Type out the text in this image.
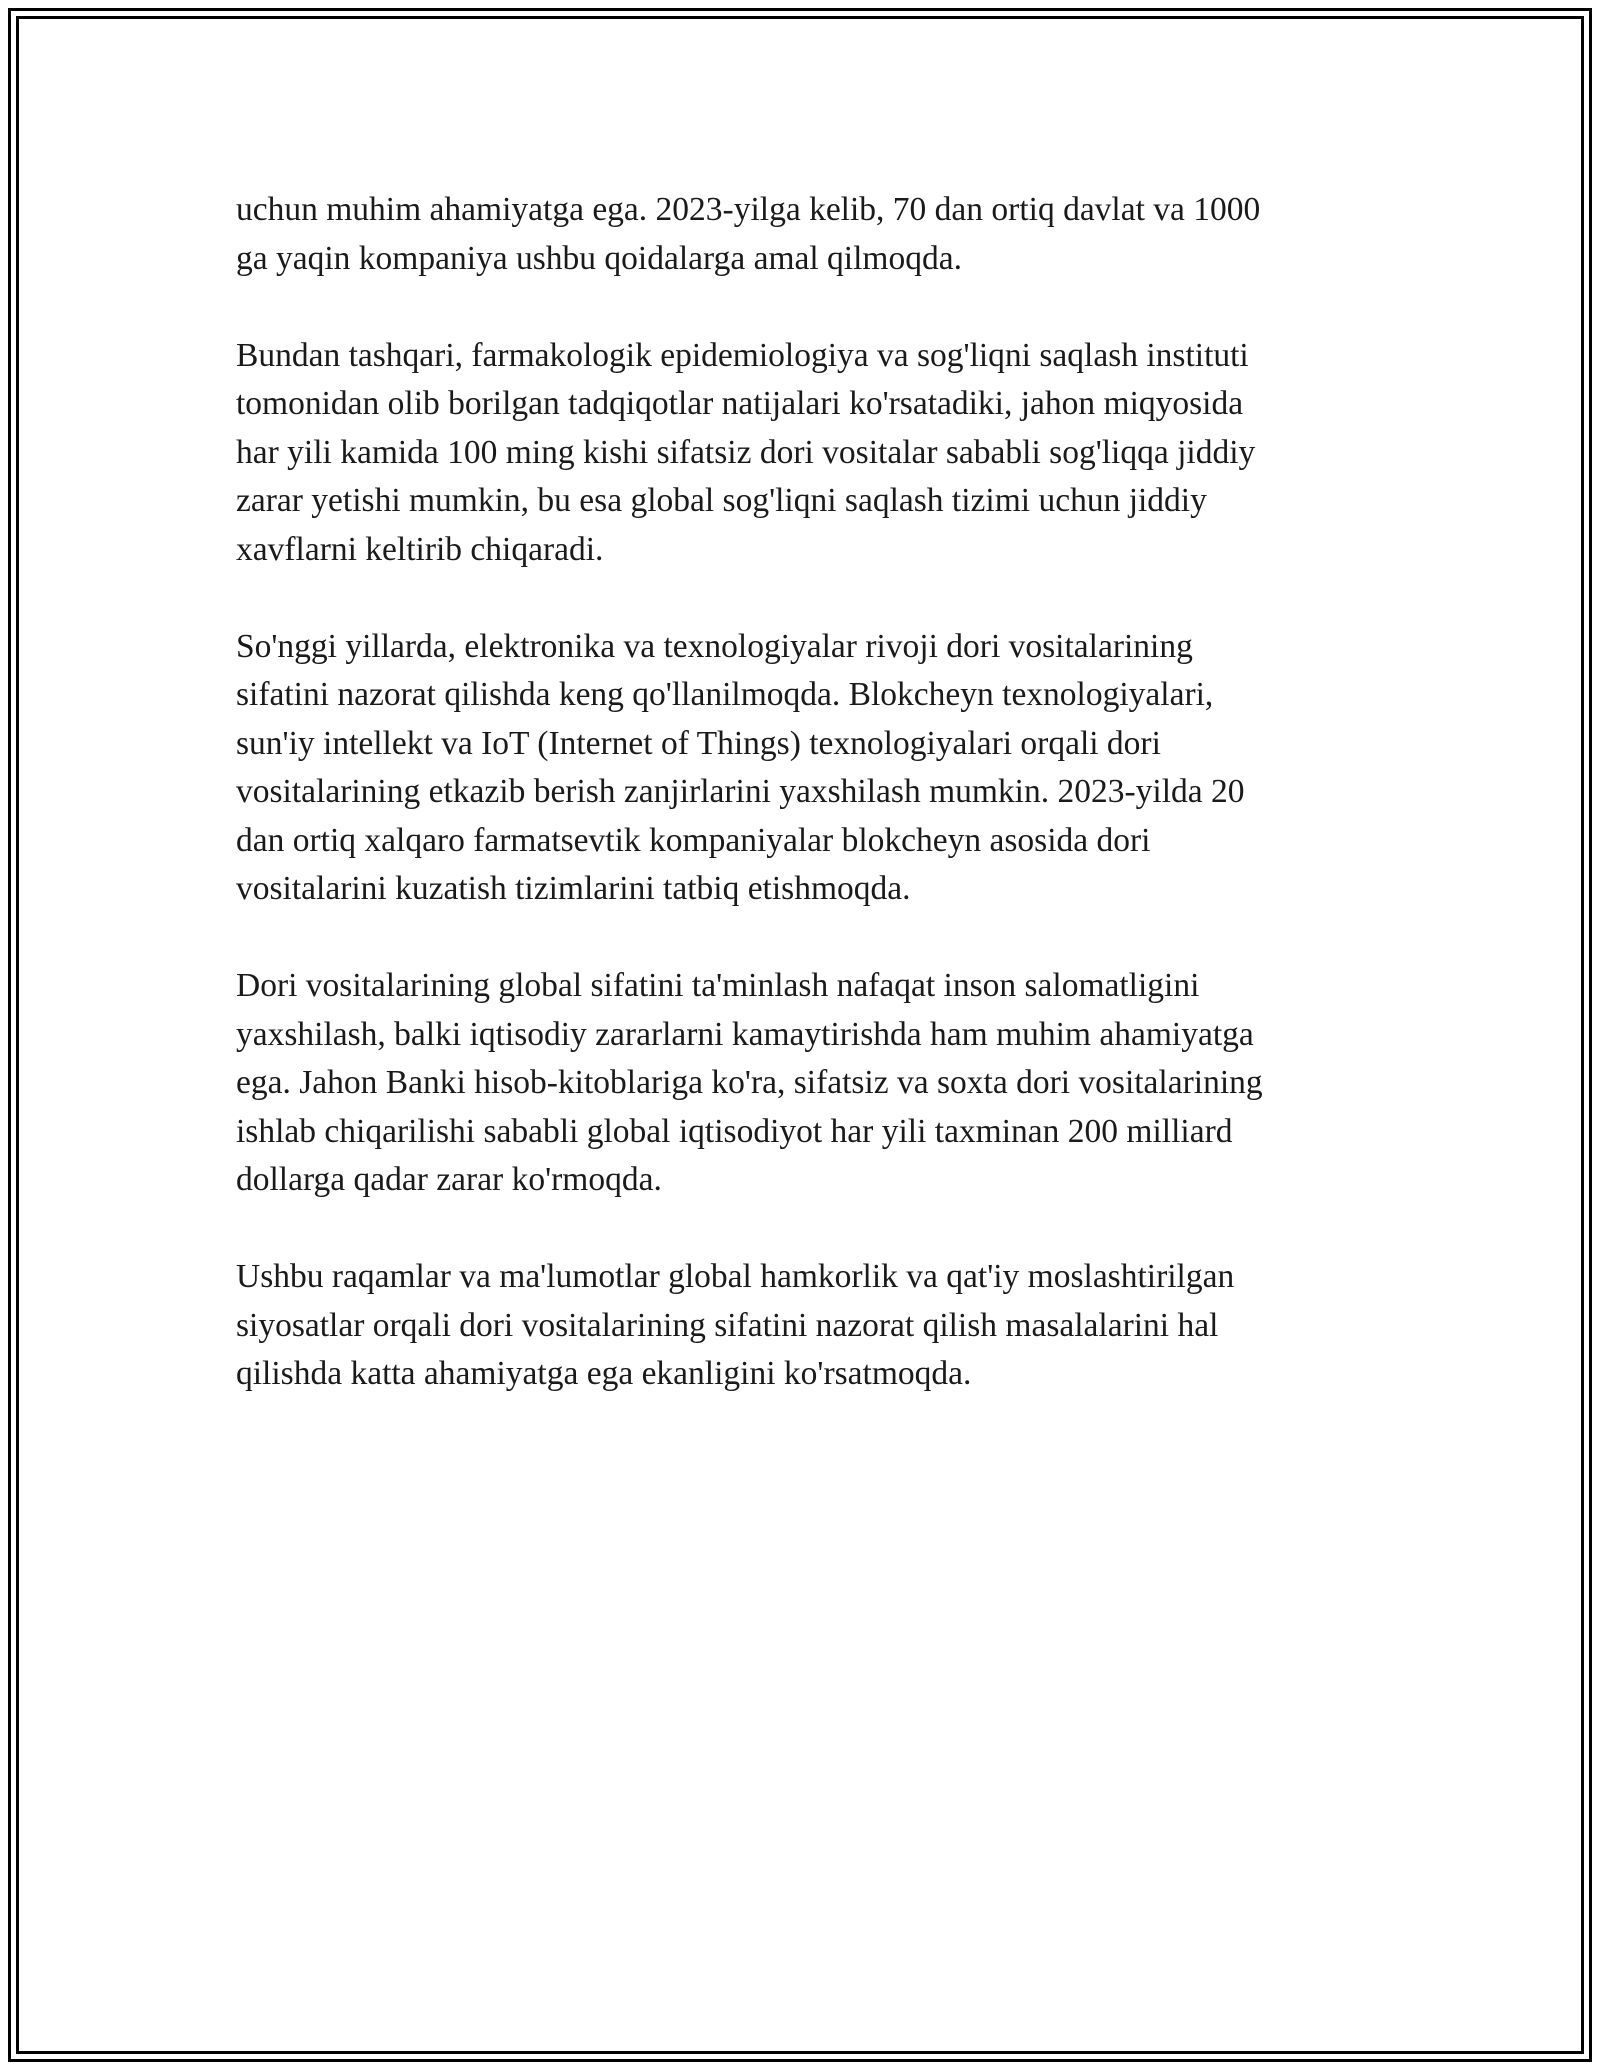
uchun muhim ahamiyatga ega. 2023-yilga kelib, 70 dan ortiq davlat va 1000
ga yaqin kompaniya ushbu qoidalarga amal qilmoqda.

Bundan tashqari, farmakologik epidemiologiya va sog'liqni saqlash instituti
tomonidan olib borilgan tadqiqotlar natijalari ko'rsatadiki, jahon miqyosida
har yili kamida 100 ming kishi sifatsiz dori vositalar sababli sog'liqqa jiddiy
zarar yetishi mumkin, bu esa global sog'liqni saqlash tizimi uchun jiddiy
xavflarni keltirib chiqaradi.

So'nggi yillarda, elektronika va texnologiyalar rivoji dori vositalarining
sifatini nazorat qilishda keng qo'llanilmoqda. Blokcheyn texnologiyalari,
sun'iy intellekt va IoT (Internet of Things) texnologiyalari orqali dori
vositalarining etkazib berish zanjirlarini yaxshilash mumkin. 2023-yilda 20
dan ortiq xalqaro farmatsevtik kompaniyalar blokcheyn asosida dori
vositalarini kuzatish tizimlarini tatbiq etishmoqda.

Dori vositalarining global sifatini ta'minlash nafaqat inson salomatligini
yaxshilash, balki iqtisodiy zararlarni kamaytirishda ham muhim ahamiyatga
ega. Jahon Banki hisob-kitoblariga ko'ra, sifatsiz va soxta dori vositalarining
ishlab chiqarilishi sababli global iqtisodiyot har yili taxminan 200 milliard
dollarga qadar zarar ko'rmoqda.

Ushbu raqamlar va ma'lumotlar global hamkorlik va qat'iy moslashtirilgan
siyosatlar orqali dori vositalarining sifatini nazorat qilish masalalarini hal
qilishda katta ahamiyatga ega ekanligini ko'rsatmoqda.
